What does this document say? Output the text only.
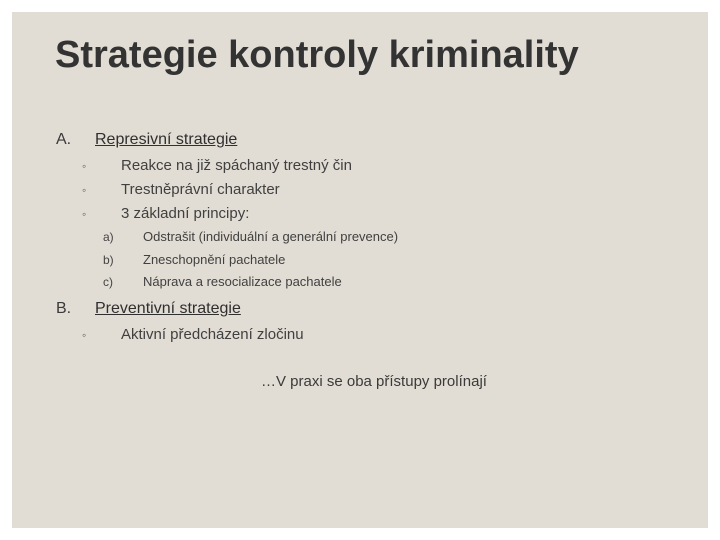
Strategie kontroly kriminality
A. Represivní strategie
◦ Reakce na již spáchaný trestný čin
◦ Trestněprávní charakter
◦ 3 základní principy:
a) Odstrašit (individuální a generální prevence)
b) Zneschopnění pachatele
c) Náprava a resocializace pachatele
B. Preventivní strategie
◦ Aktivní předcházení zločinu
…V praxi se oba přístupy prolínají
